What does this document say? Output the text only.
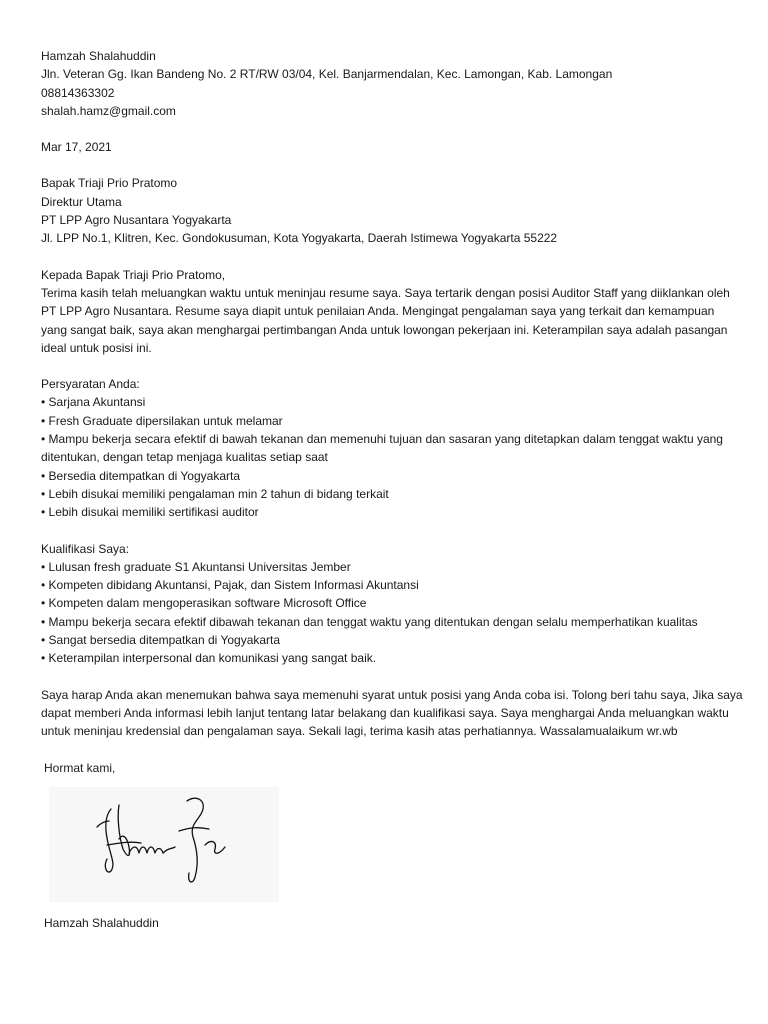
Hamzah Shalahuddin
Jln. Veteran Gg. Ikan Bandeng No. 2 RT/RW 03/04, Kel. Banjarmendalan, Kec. Lamongan, Kab. Lamongan
08814363302
shalah.hamz@gmail.com
Mar 17, 2021
Bapak Triaji Prio Pratomo
Direktur Utama
PT LPP Agro Nusantara Yogyakarta
Jl. LPP No.1, Klitren, Kec. Gondokusuman, Kota Yogyakarta, Daerah Istimewa Yogyakarta 55222
Kepada Bapak Triaji Prio Pratomo,
Terima kasih telah meluangkan waktu untuk meninjau resume saya. Saya tertarik dengan posisi Auditor Staff yang diiklankan oleh
PT LPP Agro Nusantara. Resume saya diapit untuk penilaian Anda. Mengingat pengalaman saya yang terkait dan kemampuan
yang sangat baik, saya akan menghargai pertimbangan Anda untuk lowongan pekerjaan ini. Keterampilan saya adalah pasangan
ideal untuk posisi ini.
Persyaratan Anda:
• Sarjana Akuntansi
• Fresh Graduate dipersilakan untuk melamar
• Mampu bekerja secara efektif di bawah tekanan dan memenuhi tujuan dan sasaran yang ditetapkan dalam tenggat waktu yang
ditentukan, dengan tetap menjaga kualitas setiap saat
• Bersedia ditempatkan di Yogyakarta
• Lebih disukai memiliki pengalaman min 2 tahun di bidang terkait
• Lebih disukai memiliki sertifikasi auditor
Kualifikasi Saya:
• Lulusan fresh graduate S1 Akuntansi Universitas Jember
• Kompeten dibidang Akuntansi, Pajak, dan Sistem Informasi Akuntansi
• Kompeten dalam mengoperasikan software Microsoft Office
• Mampu bekerja secara efektif dibawah tekanan dan tenggat waktu yang ditentukan dengan selalu memperhatikan kualitas
• Sangat bersedia ditempatkan di Yogyakarta
• Keterampilan interpersonal dan komunikasi yang sangat baik.
Saya harap Anda akan menemukan bahwa saya memenuhi syarat untuk posisi yang Anda coba isi. Tolong beri tahu saya, Jika saya
dapat memberi Anda informasi lebih lanjut tentang latar belakang dan kualifikasi saya. Saya menghargai Anda meluangkan waktu
untuk meninjau kredensial dan pengalaman saya. Sekali lagi, terima kasih atas perhatiannya. Wassalamualaikum wr.wb
Hormat kami,
Hamzah Shalahuddin
